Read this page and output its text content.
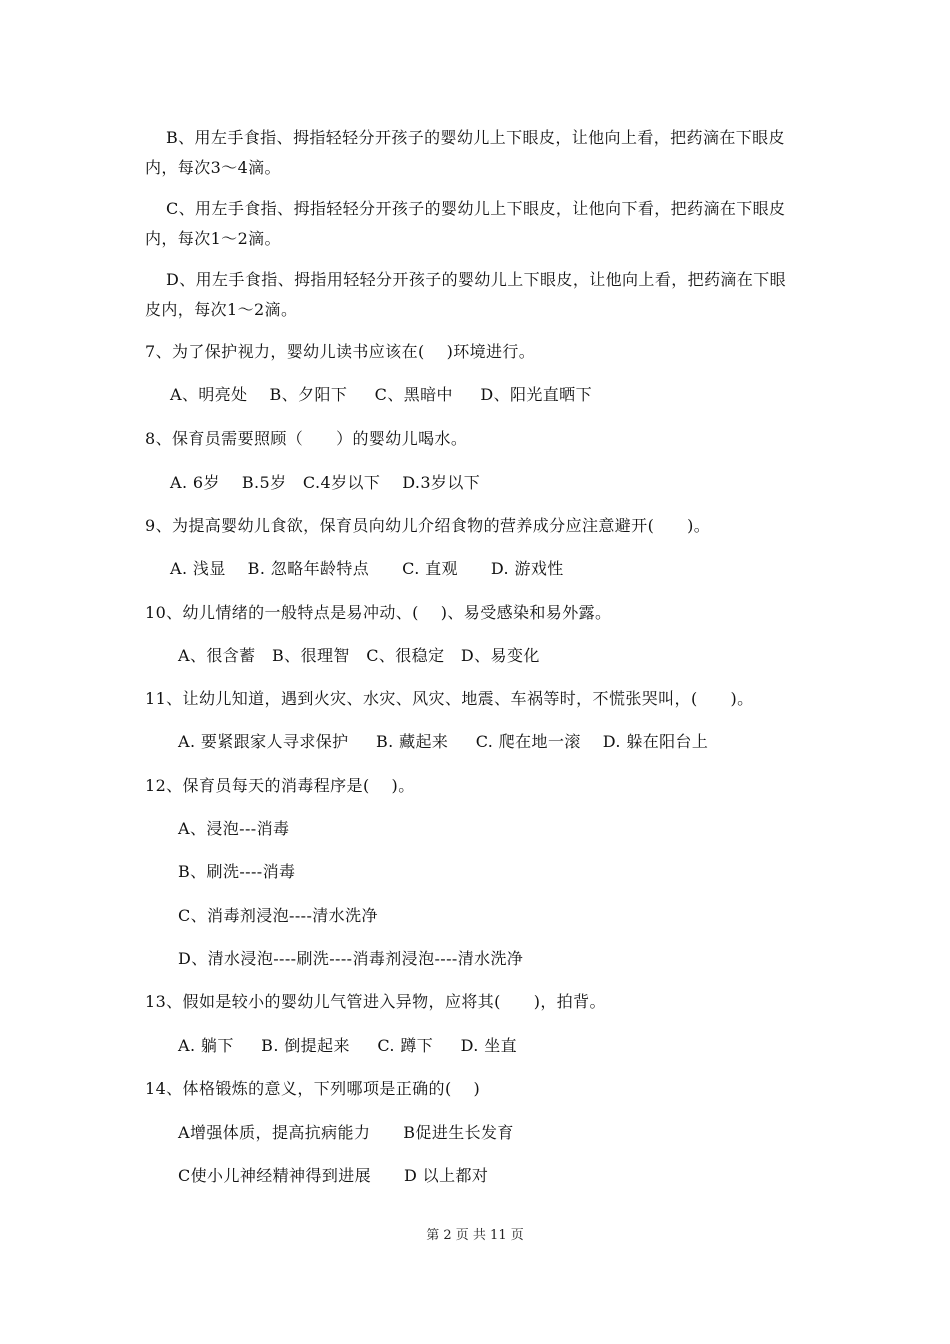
B、用左手食指、拇指轻轻分开孩子的婴幼儿上下眼皮，让他向上看，把药滴在下眼皮
内，每次3～4滴。
C、用左手食指、拇指轻轻分开孩子的婴幼儿上下眼皮，让他向下看，把药滴在下眼皮
内，每次1～2滴。
D、用左手食指、拇指用轻轻分开孩子的婴幼儿上下眼皮，让他向上看，把药滴在下眼
皮内，每次1～2滴。
7、为了保护视力，婴幼儿读书应该在(    )环境进行。
A、明亮处    B、夕阳下     C、黑暗中     D、阳光直晒下
8、保育员需要照顾（      ）的婴幼儿喝水。
A. 6岁    B.5岁   C.4岁以下    D.3岁以下
9、为提高婴幼儿食欲，保育员向幼儿介绍食物的营养成分应注意避开(      )。
A. 浅显    B. 忽略年龄特点      C. 直观      D. 游戏性
10、幼儿情绪的一般特点是易冲动、(    )、易受感染和易外露。
A、很含蓄   B、很理智   C、很稳定   D、易变化
11、让幼儿知道，遇到火灾、水灾、风灾、地震、车祸等时，不慌张哭叫，(      )。
A. 要紧跟家人寻求保护     B. 藏起来     C. 爬在地一滚    D. 躲在阳台上
12、保育员每天的消毒程序是(    )。
A、浸泡---消毒
B、刷洗----消毒
C、消毒剂浸泡----清水洗净
D、清水浸泡----刷洗----消毒剂浸泡----清水洗净
13、假如是较小的婴幼儿气管进入异物，应将其(      )，拍背。
A. 躺下     B. 倒提起来     C. 蹲下     D. 坐直
14、体格锻炼的意义，下列哪项是正确的(    )
A增强体质，提高抗病能力      B促进生长发育
C使小儿神经精神得到进展      D 以上都对
第 2 页 共 11 页
